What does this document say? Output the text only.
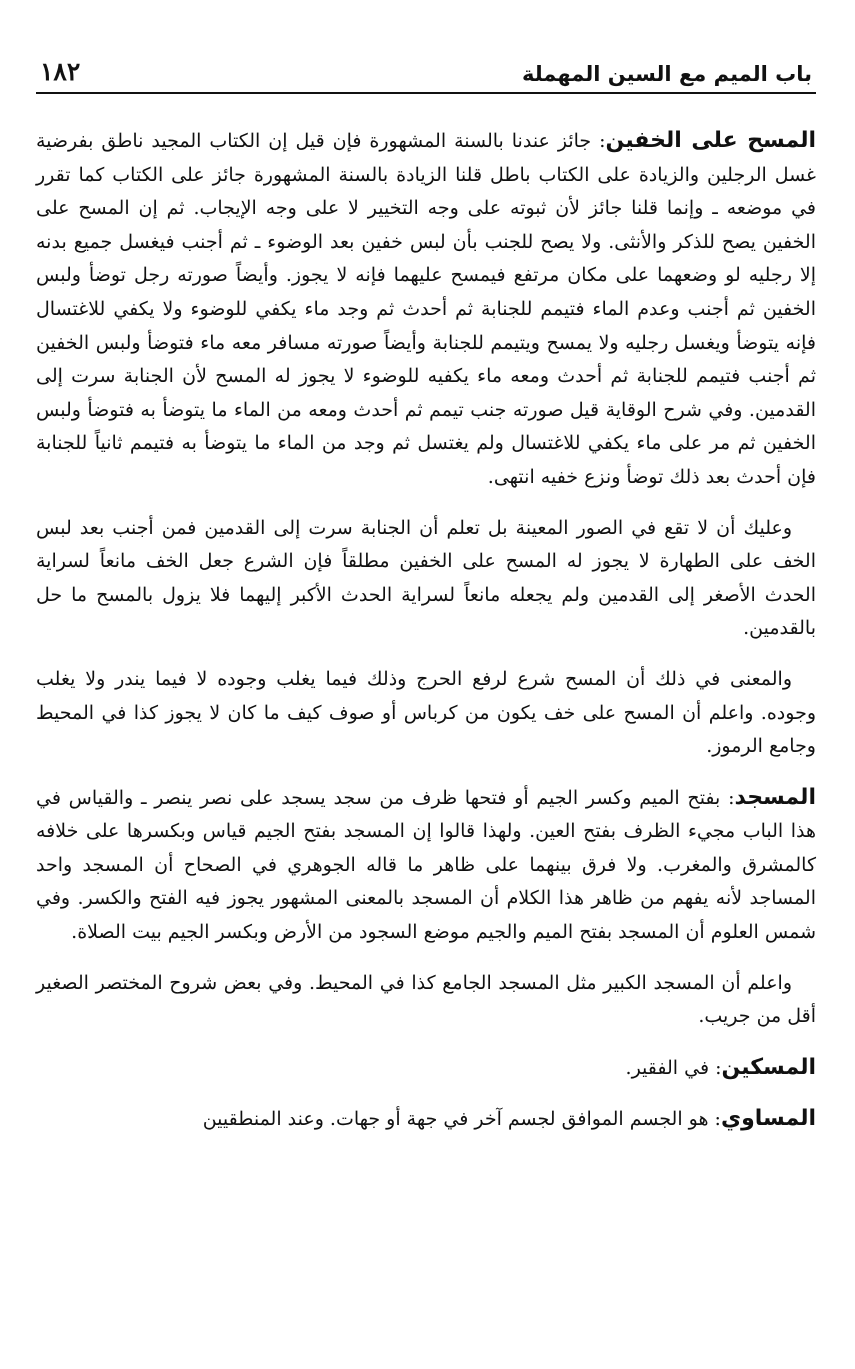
باب الميم مع السين المهملة
١٨٢

المسح على الخفين: جائز عندنا بالسنة المشهورة فإن قيل إن الكتاب المجيد ناطق بفرضية غسل الرجلين والزيادة على الكتاب باطل قلنا الزيادة بالسنة المشهورة جائز على الكتاب كما تقرر في موضعه ـ وإنما قلنا جائز لأن ثبوته على وجه التخيير لا على وجه الإيجاب. ثم إن المسح على الخفين يصح للذكر والأنثى. ولا يصح للجنب بأن لبس خفين بعد الوضوء ـ ثم أجنب فيغسل جميع بدنه إلا رجليه لو وضعهما على مكان مرتفع فيمسح عليهما فإنه لا يجوز. وأيضاً صورته رجل توضأ ولبس الخفين ثم أجنب وعدم الماء فتيمم للجنابة ثم أحدث ثم وجد ماء يكفي للوضوء ولا يكفي للاغتسال فإنه يتوضأ ويغسل رجليه ولا يمسح ويتيمم للجنابة وأيضاً صورته مسافر معه ماء فتوضأ ولبس الخفين ثم أجنب فتيمم للجنابة ثم أحدث ومعه ماء يكفيه للوضوء لا يجوز له المسح لأن الجنابة سرت إلى القدمين. وفي شرح الوقاية قيل صورته جنب تيمم ثم أحدث ومعه من الماء ما يتوضأ به فتوضأ ولبس الخفين ثم مر على ماء يكفي للاغتسال ولم يغتسل ثم وجد من الماء ما يتوضأ به فتيمم ثانياً للجنابة فإن أحدث بعد ذلك توضأ ونزع خفيه انتهى.

وعليك أن لا تقع في الصور المعينة بل تعلم أن الجنابة سرت إلى القدمين فمن أجنب بعد لبس الخف على الطهارة لا يجوز له المسح على الخفين مطلقاً فإن الشرع جعل الخف مانعاً لسراية الحدث الأصغر إلى القدمين ولم يجعله مانعاً لسراية الحدث الأكبر إليهما فلا يزول بالمسح ما حل بالقدمين.

والمعنى في ذلك أن المسح شرع لرفع الحرج وذلك فيما يغلب وجوده لا فيما يندر ولا يغلب وجوده. واعلم أن المسح على خف يكون من كرباس أو صوف كيف ما كان لا يجوز كذا في المحيط وجامع الرموز.

المسجد: بفتح الميم وكسر الجيم أو فتحها ظرف من سجد يسجد على نصر ينصر ـ والقياس في هذا الباب مجيء الظرف بفتح العين. ولهذا قالوا إن المسجد بفتح الجيم قياس وبكسرها على خلافه كالمشرق والمغرب. ولا فرق بينهما على ظاهر ما قاله الجوهري في الصحاح أن المسجد واحد المساجد لأنه يفهم من ظاهر هذا الكلام أن المسجد بالمعنى المشهور يجوز فيه الفتح والكسر. وفي شمس العلوم أن المسجد بفتح الميم والجيم موضع السجود من الأرض وبكسر الجيم بيت الصلاة.

واعلم أن المسجد الكبير مثل المسجد الجامع كذا في المحيط. وفي بعض شروح المختصر الصغير أقل من جريب.

المسكين: في الفقير.

المساوي: هو الجسم الموافق لجسم آخر في جهة أو جهات. وعند المنطقيين
